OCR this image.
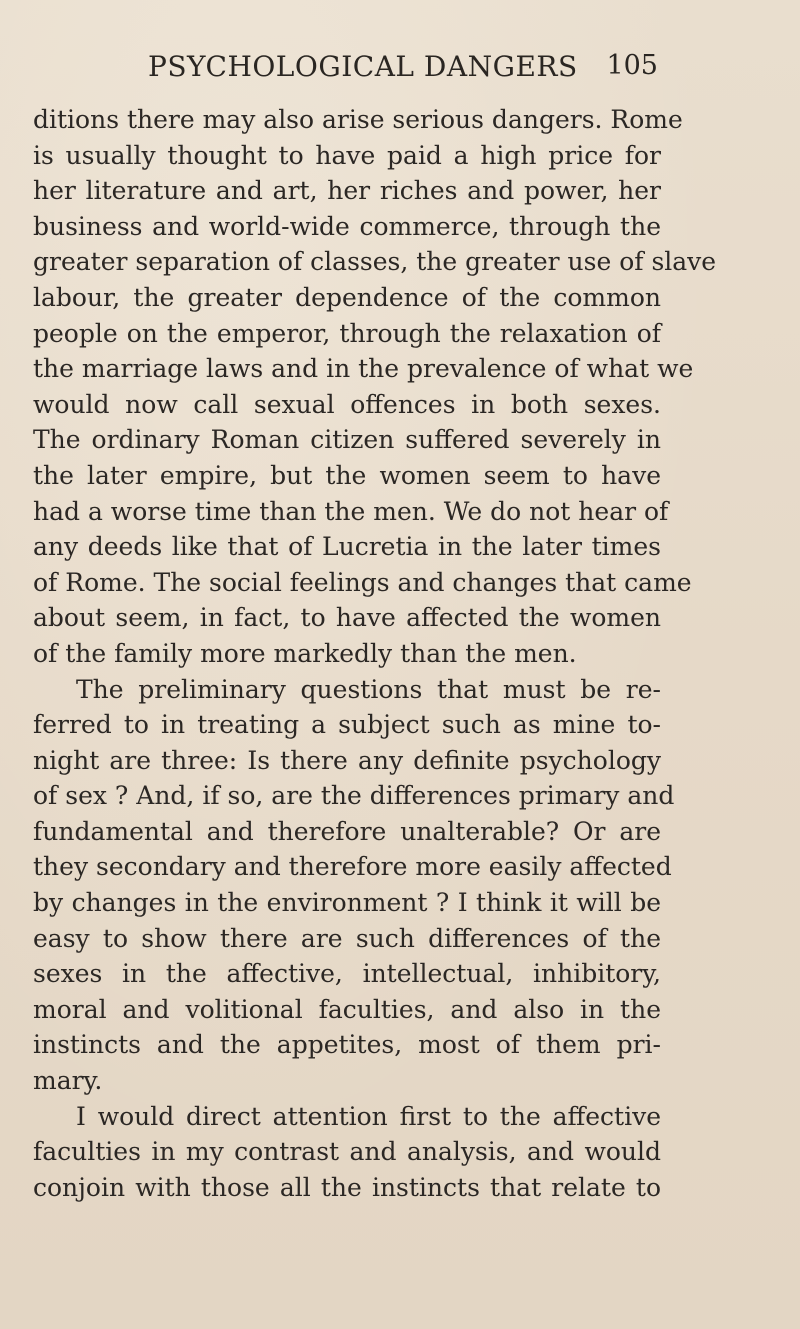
PSYCHOLOGICAL DANGERS 105
ditions there may also arise serious dangers. Rome
is usually thought to have paid a high price for
her literature and art, her riches and power, her
business and world-wide commerce, through the
greater separation of classes, the greater use of slave
labour, the greater dependence of the common
people on the emperor, through the relaxation of
the marriage laws and in the prevalence of what we
would now call sexual offences in both sexes.
The ordinary Roman citizen suffered severely in
the later empire, but the women seem to have
had a worse time than the men. We do not hear of
any deeds like that of Lucretia in the later times
of Rome. The social feelings and changes that came
about seem, in fact, to have affected the women
of the family more markedly than the men.
The preliminary questions that must be re-
ferred to in treating a subject such as mine to-
night are three: Is there any definite psychology
of sex ? And, if so, are the differences primary and
fundamental and therefore unalterable? Or are
they secondary and therefore more easily affected
by changes in the environment ? I think it will be
easy to show there are such differences of the
sexes in the affective, intellectual, inhibitory,
moral and volitional faculties, and also in the
instincts and the appetites, most of them pri-
mary.
I would direct attention first to the affective
faculties in my contrast and analysis, and would
conjoin with those all the instincts that relate to
